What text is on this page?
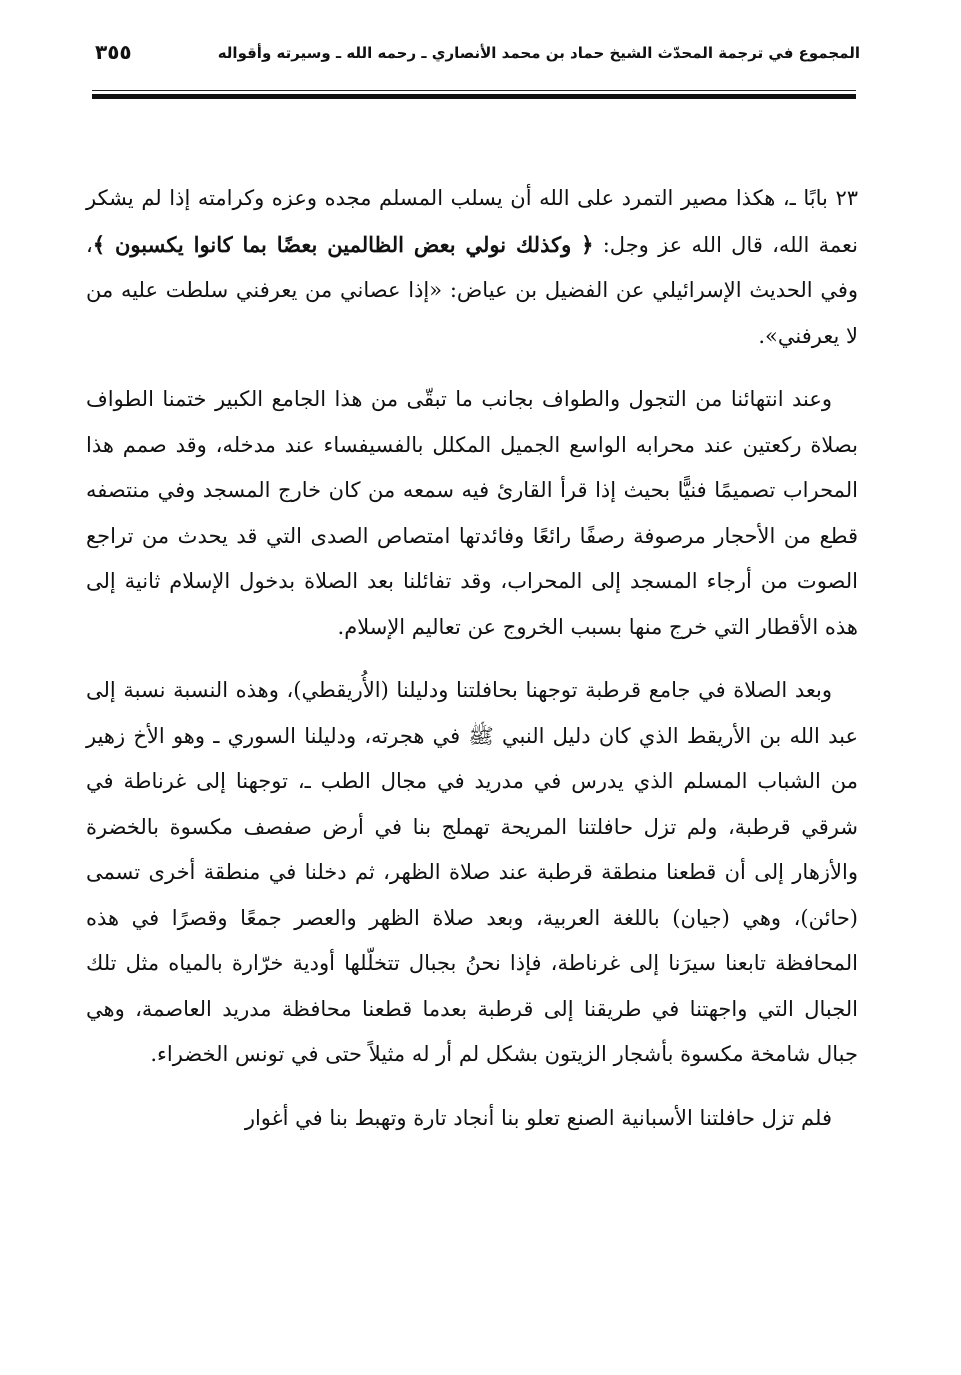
المجموع في ترجمة المحدّث الشيخ حماد بن محمد الأنصاري ـ رحمه الله ـ وسيرته وأقواله
٣٥٥

٢٣ بابًا ـ، هكذا مصير التمرد على الله أن يسلب المسلم مجده وعزه وكرامته إذا لم يشكر نعمة الله، قال الله عز وجل: ﴿ وكذلك نولي بعض الظالمين بعضًا بما كانوا يكسبون ﴾، وفي الحديث الإسرائيلي عن الفضيل بن عياض: «إذا عصاني من يعرفني سلطت عليه من لا يعرفني».

وعند انتهائنا من التجول والطواف بجانب ما تبقّى من هذا الجامع الكبير ختمنا الطواف بصلاة ركعتين عند محرابه الواسع الجميل المكلل بالفسيفساء عند مدخله، وقد صمم هذا المحراب تصميمًا فنيًّا بحيث إذا قرأ القارئ فيه سمعه من كان خارج المسجد وفي منتصفه قطع من الأحجار مرصوفة رصفًا رائعًا وفائدتها امتصاص الصدى التي قد يحدث من تراجع الصوت من أرجاء المسجد إلى المحراب، وقد تفائلنا بعد الصلاة بدخول الإسلام ثانية إلى هذه الأقطار التي خرج منها بسبب الخروج عن تعاليم الإسلام.

وبعد الصلاة في جامع قرطبة توجهنا بحافلتنا ودليلنا (الأُريقطي)، وهذه النسبة نسبة إلى عبد الله بن الأريقط الذي كان دليل النبي ﷺ في هجرته، ودليلنا السوري ـ وهو الأخ زهير من الشباب المسلم الذي يدرس في مدريد في مجال الطب ـ، توجهنا إلى غرناطة في شرقي قرطبة، ولم تزل حافلتنا المريحة تهملج بنا في أرض صفصف مكسوة بالخضرة والأزهار إلى أن قطعنا منطقة قرطبة عند صلاة الظهر، ثم دخلنا في منطقة أخرى تسمى (حائن)، وهي (جيان) باللغة العربية، وبعد صلاة الظهر والعصر جمعًا وقصرًا في هذه المحافظة تابعنا سيرَنا إلى غرناطة، فإذا نحنُ بجبال تتخلّلها أودية خرّارة بالمياه مثل تلك الجبال التي واجهتنا في طريقنا إلى قرطبة بعدما قطعنا محافظة مدريد العاصمة، وهي جبال شامخة مكسوة بأشجار الزيتون بشكل لم أر له مثيلاً حتى في تونس الخضراء.

فلم تزل حافلتنا الأسبانية الصنع تعلو بنا أنجاد تارة وتهبط بنا في أغوار
